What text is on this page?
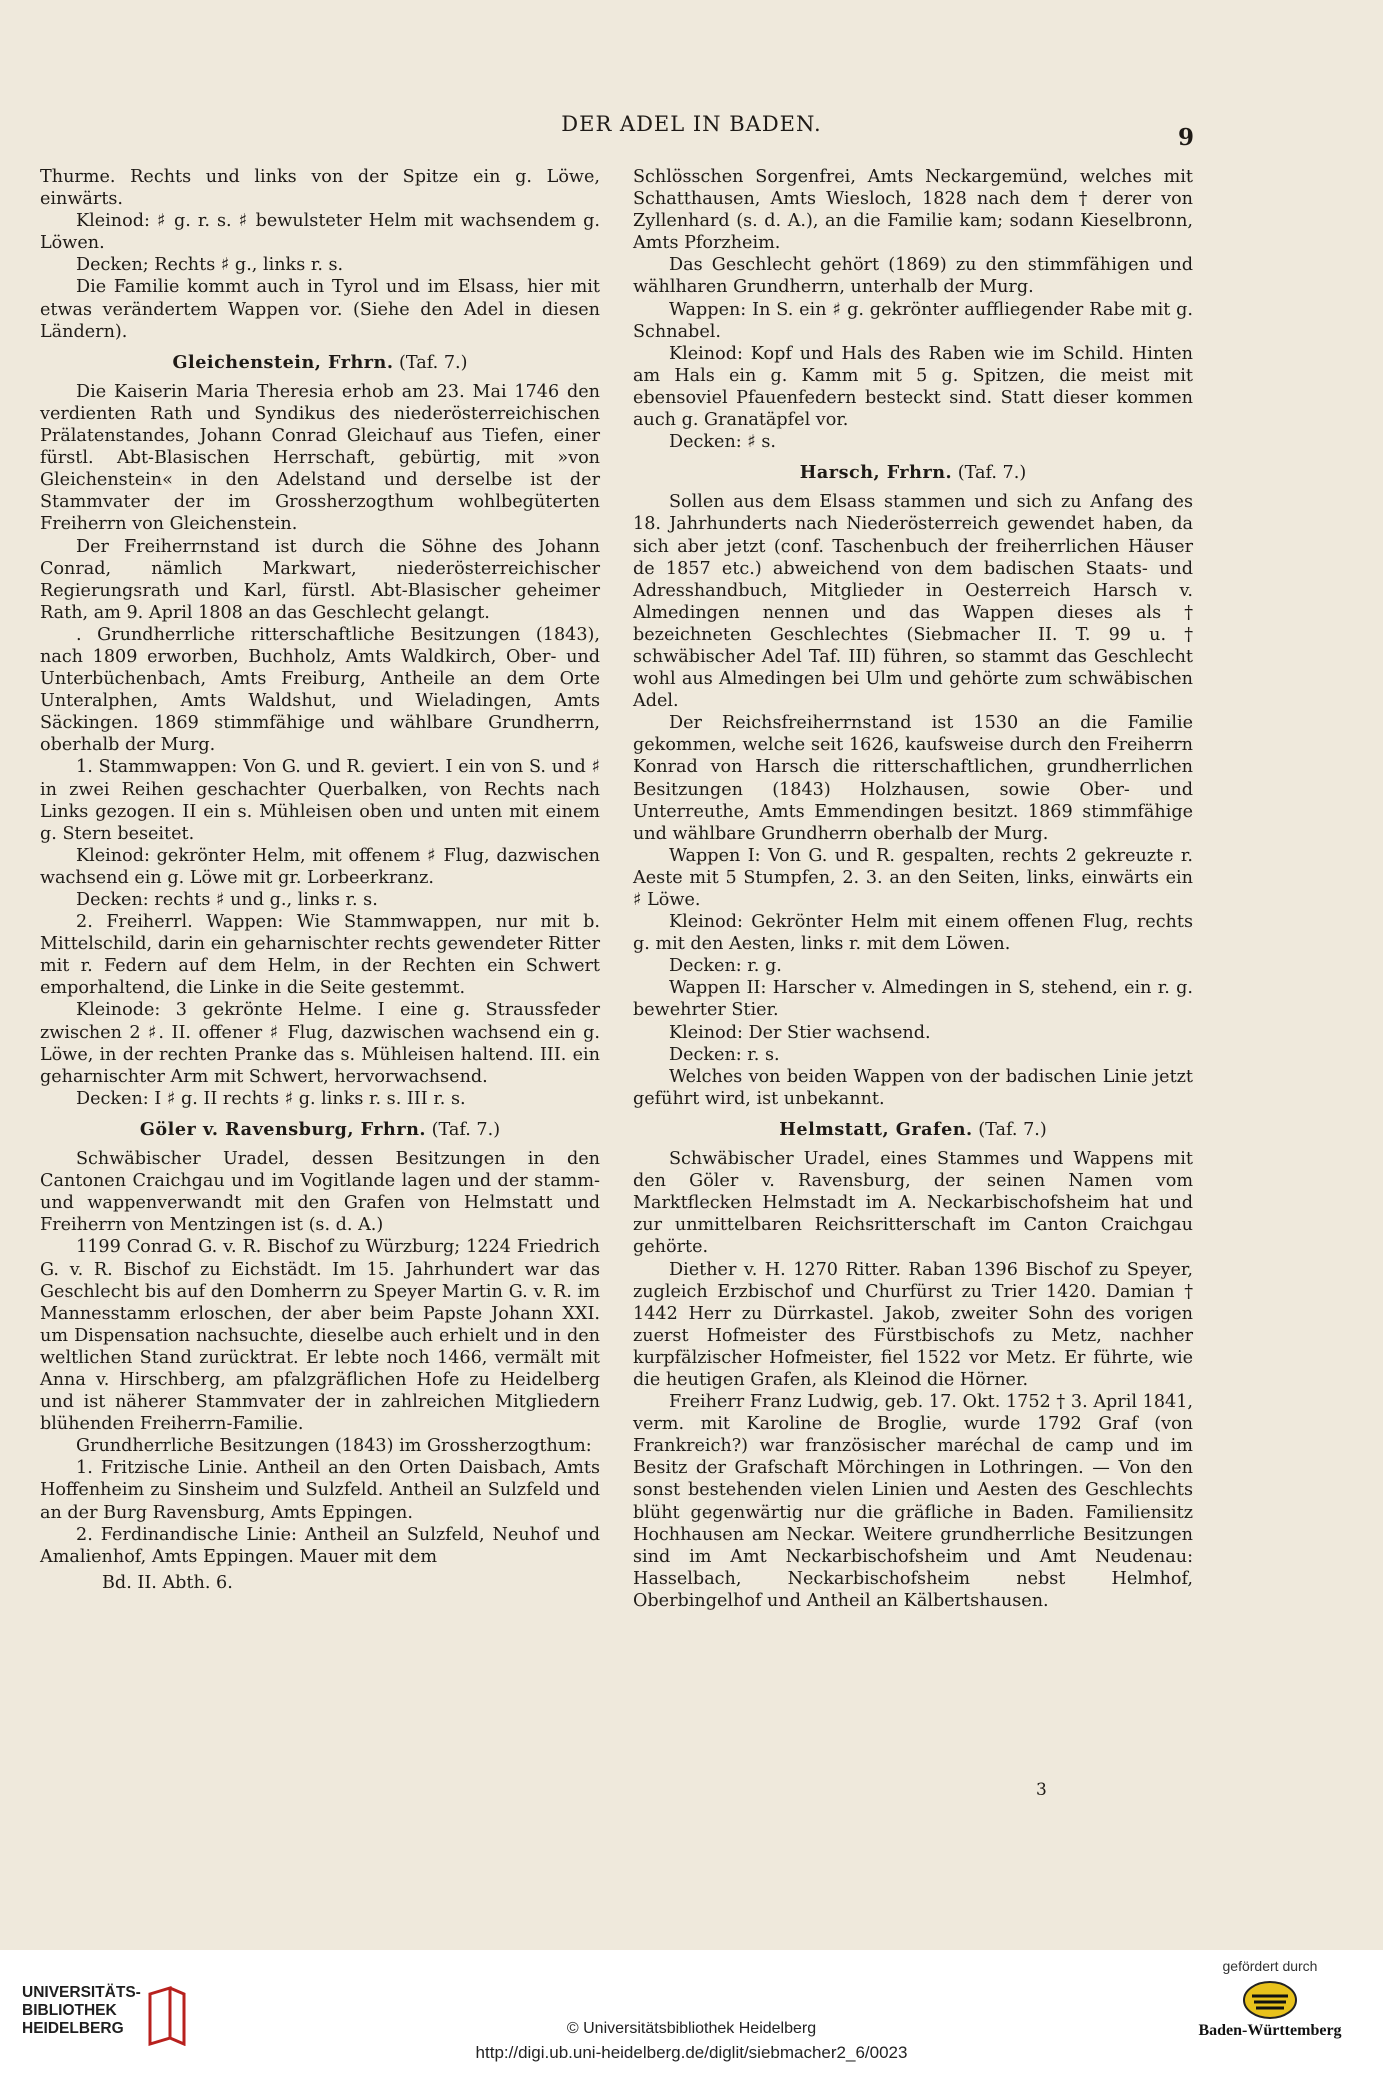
DER ADEL IN BADEN.	9

Thurme. Rechts und links von der Spitze ein g. Löwe, einwärts.

Kleinod: ♯ g. r. s. ♯ bewulsteter Helm mit wachsendem g. Löwen.

Decken; Rechts ♯ g., links r. s.

Die Familie kommt auch in Tyrol und im Elsass, hier mit etwas verändertem Wappen vor. (Siehe den Adel in diesen Ländern).

Gleichenstein, Frhrn. (Taf. 7.)

Die Kaiserin Maria Theresia erhob am 23. Mai 1746 den verdienten Rath und Syndikus des niederösterreichischen Prälatenstandes, Johann Conrad Gleichauf aus Tiefen, einer fürstl. Abt-Blasischen Herrschaft, gebürtig, mit »von Gleichenstein« in den Adelstand und derselbe ist der Stammvater der im Grossherzogthum wohlbegüterten Freiherrn von Gleichenstein.

Der Freiherrnstand ist durch die Söhne des Johann Conrad, nämlich Markwart, niederösterreichischer Regierungsrath und Karl, fürstl. Abt-Blasischer geheimer Rath, am 9. April 1808 an das Geschlecht gelangt.

. Grundherrliche ritterschaftliche Besitzungen (1843), nach 1809 erworben, Buchholz, Amts Waldkirch, Ober- und Unterbüchenbach, Amts Freiburg, Antheile an dem Orte Unteralphen, Amts Waldshut, und Wieladingen, Amts Säckingen. 1869 stimmfähige und wählbare Grundherrn, oberhalb der Murg.

1. Stammwappen: Von G. und R. geviert. I ein von S. und ♯ in zwei Reihen geschachter Querbalken, von Rechts nach Links gezogen. II ein s. Mühleisen oben und unten mit einem g. Stern beseitet.

Kleinod: gekrönter Helm, mit offenem ♯ Flug, dazwischen wachsend ein g. Löwe mit gr. Lorbeerkranz.

Decken: rechts ♯ und g., links r. s.

2. Freiherrl. Wappen: Wie Stammwappen, nur mit b. Mittelschild, darin ein geharnischter rechts gewendeter Ritter mit r. Federn auf dem Helm, in der Rechten ein Schwert emporhaltend, die Linke in die Seite gestemmt.

Kleinode: 3 gekrönte Helme. I eine g. Straussfeder zwischen 2 ♯. II. offener ♯ Flug, dazwischen wachsend ein g. Löwe, in der rechten Pranke das s. Mühleisen haltend. III. ein geharnischter Arm mit Schwert, hervorwachsend.

Decken: I ♯ g. II rechts ♯ g. links r. s. III r. s.

Göler v. Ravensburg, Frhrn. (Taf. 7.)

Schwäbischer Uradel, dessen Besitzungen in den Cantonen Craichgau und im Vogitlande lagen und der stamm- und wappenverwandt mit den Grafen von Helmstatt und Freiherrn von Mentzingen ist (s. d. A.)

1199 Conrad G. v. R. Bischof zu Würzburg; 1224 Friedrich G. v. R. Bischof zu Eichstädt. Im 15. Jahrhundert war das Geschlecht bis auf den Domherrn zu Speyer Martin G. v. R. im Mannesstamm erloschen, der aber beim Papste Johann XXI. um Dispensation nachsuchte, dieselbe auch erhielt und in den weltlichen Stand zurücktrat. Er lebte noch 1466, vermält mit Anna v. Hirschberg, am pfalzgräflichen Hofe zu Heidelberg und ist näherer Stammvater der in zahlreichen Mitgliedern blühenden Freiherrn-Familie.

Grundherrliche Besitzungen (1843) im Grossherzogthum:

1. Fritzische Linie. Antheil an den Orten Daisbach, Amts Hoffenheim zu Sinsheim und Sulzfeld. Antheil an Sulzfeld und an der Burg Ravensburg, Amts Eppingen.

2. Ferdinandische Linie: Antheil an Sulzfeld, Neuhof und Amalienhof, Amts Eppingen. Mauer mit dem

Bd. II. Abth. 6.

Schlösschen Sorgenfrei, Amts Neckargemünd, welches mit Schatthausen, Amts Wiesloch, 1828 nach dem † derer von Zyllenhard (s. d. A.), an die Familie kam; sodann Kieselbronn, Amts Pforzheim.

Das Geschlecht gehört (1869) zu den stimmfähigen und wählharen Grundherrn, unterhalb der Murg.

Wappen: In S. ein ♯ g. gekrönter auffliegender Rabe mit g. Schnabel.

Kleinod: Kopf und Hals des Raben wie im Schild. Hinten am Hals ein g. Kamm mit 5 g. Spitzen, die meist mit ebensoviel Pfauenfedern besteckt sind. Statt dieser kommen auch g. Granatäpfel vor.

Decken: ♯ s.

Harsch, Frhrn. (Taf. 7.)

Sollen aus dem Elsass stammen und sich zu Anfang des 18. Jahrhunderts nach Niederösterreich gewendet haben, da sich aber jetzt (conf. Taschenbuch der freiherrlichen Häuser de 1857 etc.) abweichend von dem badischen Staats- und Adresshandbuch, Mitglieder in Oesterreich Harsch v. Almedingen nennen und das Wappen dieses als † bezeichneten Geschlechtes (Siebmacher II. T. 99 u. † schwäbischer Adel Taf. III) führen, so stammt das Geschlecht wohl aus Almedingen bei Ulm und gehörte zum schwäbischen Adel.

Der Reichsfreiherrnstand ist 1530 an die Familie gekommen, welche seit 1626, kaufsweise durch den Freiherrn Konrad von Harsch die ritterschaftlichen, grundherrlichen Besitzungen (1843) Holzhausen, sowie Ober- und Unterreuthe, Amts Emmendingen besitzt. 1869 stimmfähige und wählbare Grundherrn oberhalb der Murg.

Wappen I: Von G. und R. gespalten, rechts 2 gekreuzte r. Aeste mit 5 Stumpfen, 2. 3. an den Seiten, links, einwärts ein ♯ Löwe.

Kleinod: Gekrönter Helm mit einem offenen Flug, rechts g. mit den Aesten, links r. mit dem Löwen.

Decken: r. g.

Wappen II: Harscher v. Almedingen in S, stehend, ein r. g. bewehrter Stier.

Kleinod: Der Stier wachsend.

Decken: r. s.

Welches von beiden Wappen von der badischen Linie jetzt geführt wird, ist unbekannt.

Helmstatt, Grafen. (Taf. 7.)

Schwäbischer Uradel, eines Stammes und Wappens mit den Göler v. Ravensburg, der seinen Namen vom Marktflecken Helmstadt im A. Neckarbischofsheim hat und zur unmittelbaren Reichsritterschaft im Canton Craichgau gehörte.

Diether v. H. 1270 Ritter. Raban 1396 Bischof zu Speyer, zugleich Erzbischof und Churfürst zu Trier 1420. Damian † 1442 Herr zu Dürrkastel. Jakob, zweiter Sohn des vorigen zuerst Hofmeister des Fürstbischofs zu Metz, nachher kurpfälzischer Hofmeister, fiel 1522 vor Metz. Er führte, wie die heutigen Grafen, als Kleinod die Hörner.

Freiherr Franz Ludwig, geb. 17. Okt. 1752 † 3. April 1841, verm. mit Karoline de Broglie, wurde 1792 Graf (von Frankreich?) war französischer maréchal de camp und im Besitz der Grafschaft Mörchingen in Lothringen. — Von den sonst bestehenden vielen Linien und Aesten des Geschlechts blüht gegenwärtig nur die gräfliche in Baden. Familiensitz Hochhausen am Neckar. Weitere grundherrliche Besitzungen sind im Amt Neckarbischofsheim und Amt Neudenau: Hasselbach, Neckarbischofsheim nebst Helmhof, Oberbingelhof und Antheil an Kälbertshausen.

3
UNIVERSITÄTS-
BIBLIOTHEK
HEIDELBERG	© Universitätsbibliothek Heidelberg
http://digi.ub.uni-heidelberg.de/diglit/siebmacher2_6/0023
gefördert durch
Baden-Württemberg
